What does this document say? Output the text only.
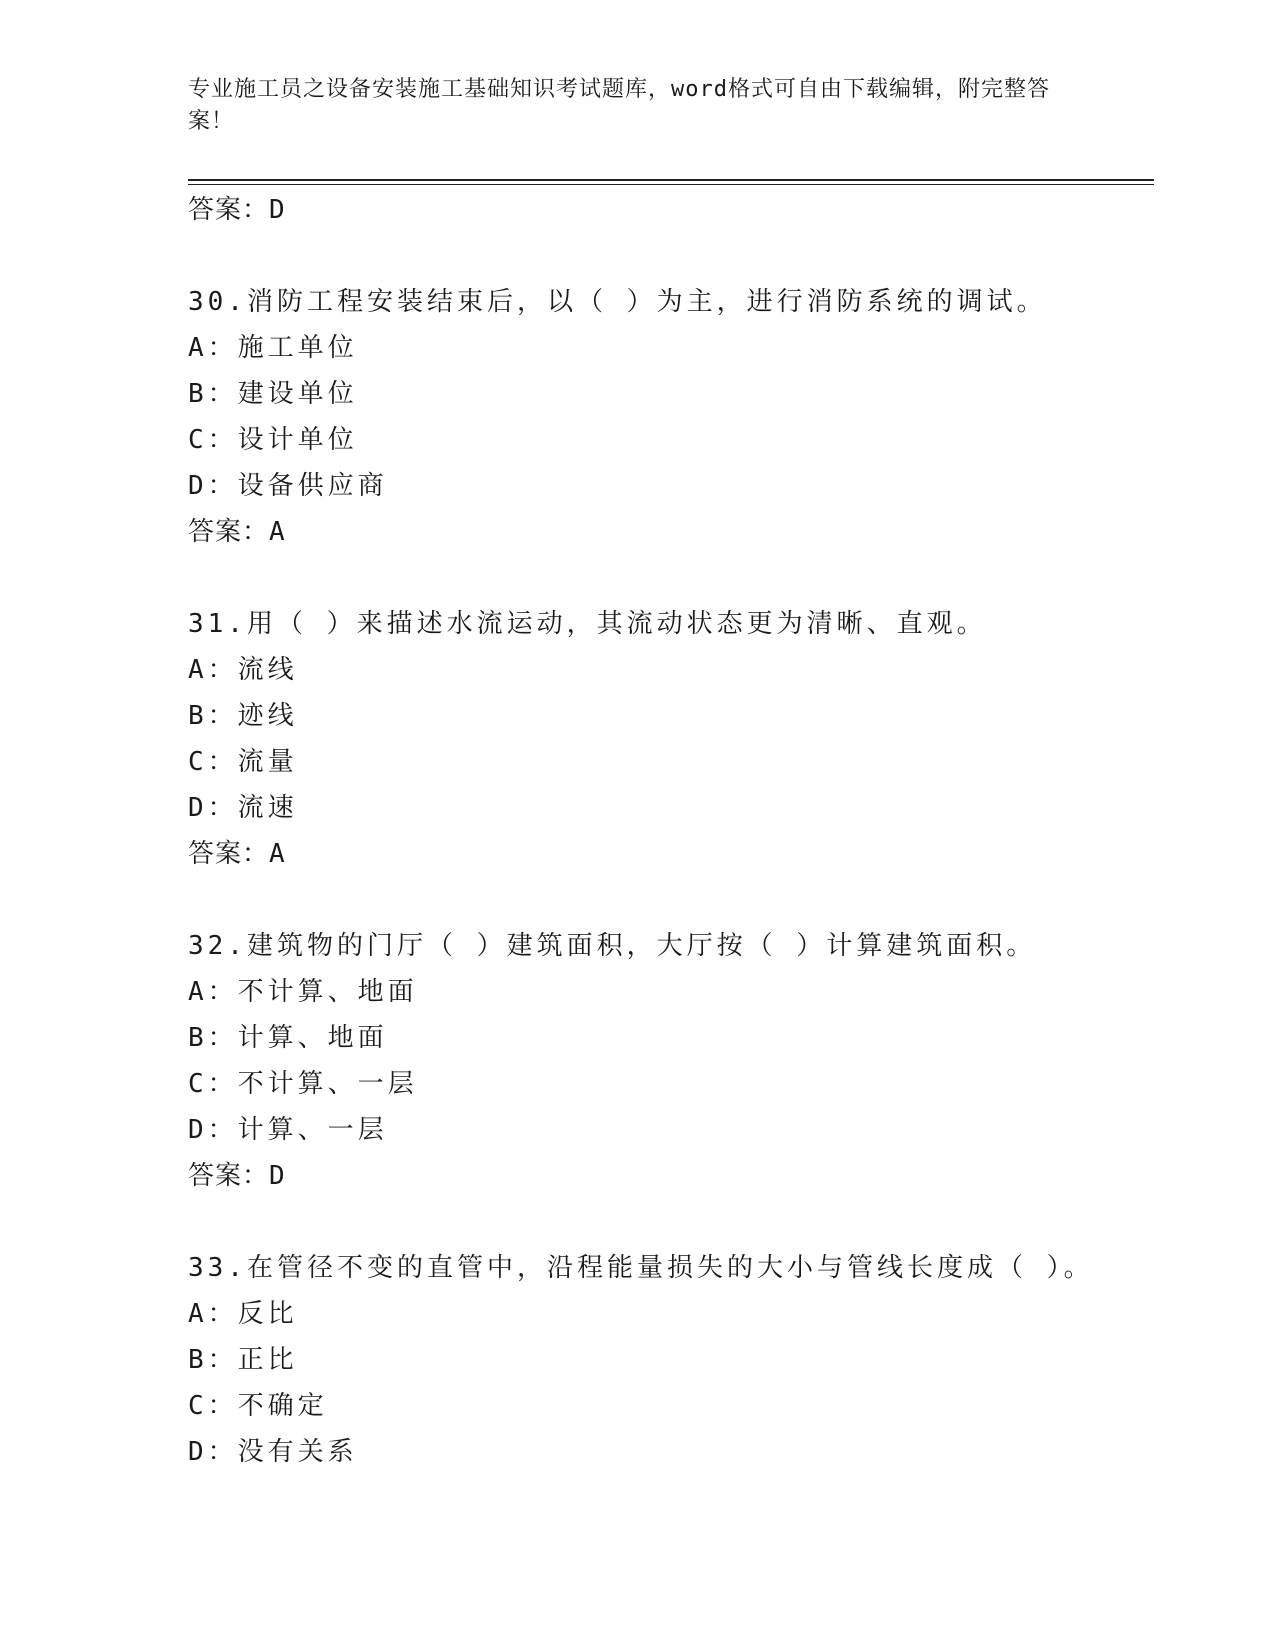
专业施工员之设备安装施工基础知识考试题库，word格式可自由下载编辑，附完整答案！
答案：D
30.消防工程安装结束后，以（ ）为主，进行消防系统的调试。
A：施工单位
B：建设单位
C：设计单位
D：设备供应商
答案：A
31.用（ ）来描述水流运动，其流动状态更为清晰、直观。
A：流线
B：迹线
C：流量
D：流速
答案：A
32.建筑物的门厅（ ）建筑面积，大厅按（ ）计算建筑面积。
A：不计算、地面
B：计算、地面
C：不计算、一层
D：计算、一层
答案：D
33.在管径不变的直管中，沿程能量损失的大小与管线长度成（ ）。
A：反比
B：正比
C：不确定
D：没有关系
